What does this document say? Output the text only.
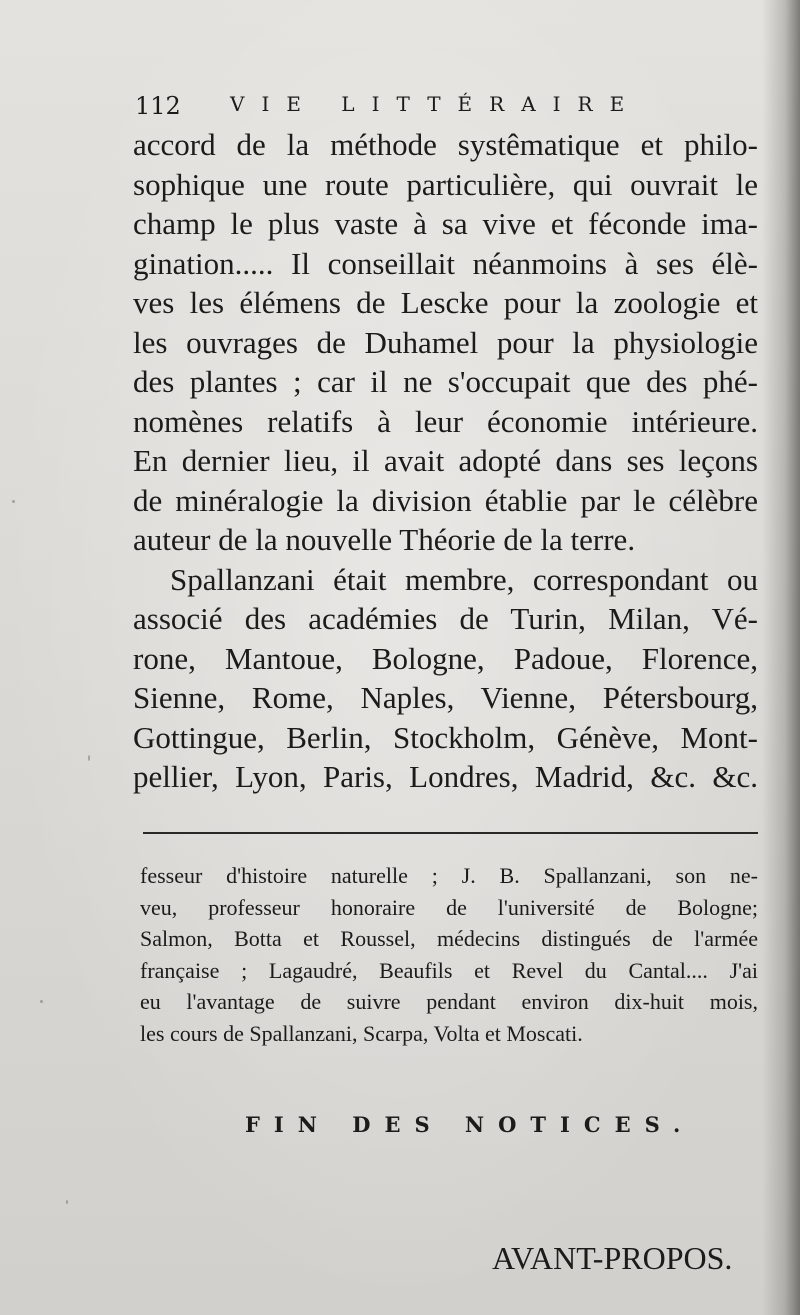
112 VIE LITTÉRAIRE
accord de la méthode systêmatique et philo-
sophique une route particulière, qui ouvrait le
champ le plus vaste à sa vive et féconde ima-
gination..... Il conseillait néanmoins à ses élè-
ves les élémens de Lescke pour la zoologie et
les ouvrages de Duhamel pour la physiologie
des plantes ; car il ne s'occupait que des phé-
nomènes relatifs à leur économie intérieure.
En dernier lieu, il avait adopté dans ses leçons
de minéralogie la division établie par le célèbre
auteur de la nouvelle Théorie de la terre.
Spallanzani était membre, correspondant ou
associé des académies de Turin, Milan, Vé-
rone, Mantoue, Bologne, Padoue, Florence,
Sienne, Rome, Naples, Vienne, Pétersbourg,
Gottingue, Berlin, Stockholm, Génève, Mont-
pellier, Lyon, Paris, Londres, Madrid, &c. &c.
fesseur d'histoire naturelle ; J. B. Spallanzani, son ne-
veu, professeur honoraire de l'université de Bologne;
Salmon, Botta et Roussel, médecins distingués de l'armée
française ; Lagaudré, Beaufils et Revel du Cantal.... J'ai
eu l'avantage de suivre pendant environ dix-huit mois,
les cours de Spallanzani, Scarpa, Volta et Moscati.
FIN DES NOTICES.
AVANT-PROPOS.
